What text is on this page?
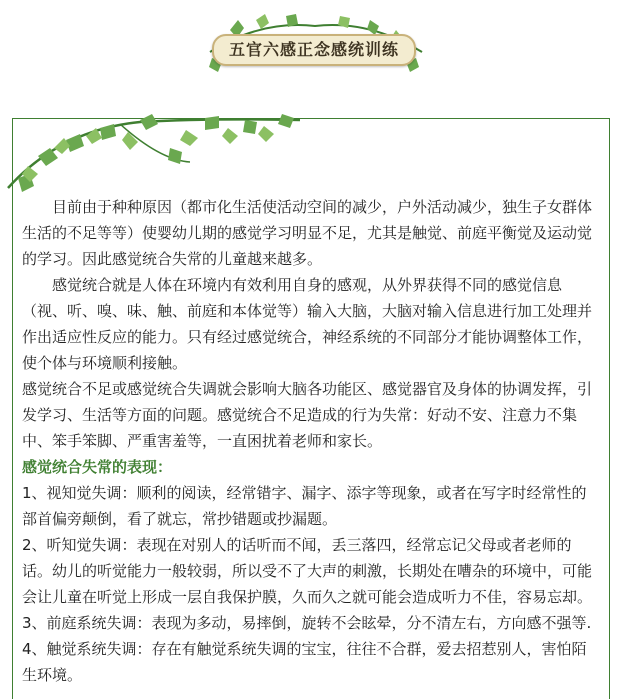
五官六感正念感统训练

目前由于种种原因（都市化生活使活动空间的减少，户外活动减少，独生子女群体生活的不足等等）使婴幼儿期的感觉学习明显不足，尤其是触觉、前庭平衡觉及运动觉的学习。因此感觉统合失常的儿童越来越多。

感觉统合就是人体在环境内有效利用自身的感观，从外界获得不同的感觉信息（视、听、嗅、味、触、前庭和本体觉等）输入大脑，大脑对输入信息进行加工处理并作出适应性反应的能力。只有经过感觉统合，神经系统的不同部分才能协调整体工作，使个体与环境顺利接触。

感觉统合不足或感觉统合失调就会影响大脑各功能区、感觉器官及身体的协调发挥，引发学习、生活等方面的问题。感觉统合不足造成的行为失常：好动不安、注意力不集中、笨手笨脚、严重害羞等，一直困扰着老师和家长。

感觉统合失常的表现：

1、视知觉失调：顺利的阅读，经常错字、漏字、添字等现象，或者在写字时经常性的部首偏旁颠倒，看了就忘，常抄错题或抄漏题。

2、听知觉失调：表现在对别人的话听而不闻，丢三落四，经常忘记父母或者老师的话。幼儿的听觉能力一般较弱，所以受不了大声的刺激，长期处在嘈杂的环境中，可能会让儿童在听觉上形成一层自我保护膜，久而久之就可能会造成听力不佳，容易忘却。

3、前庭系统失调：表现为多动，易摔倒，旋转不会眩晕，分不清左右，方向感不强等.

4、触觉系统失调：存在有触觉系统失调的宝宝，往往不合群，爱去招惹别人，害怕陌生环境。
